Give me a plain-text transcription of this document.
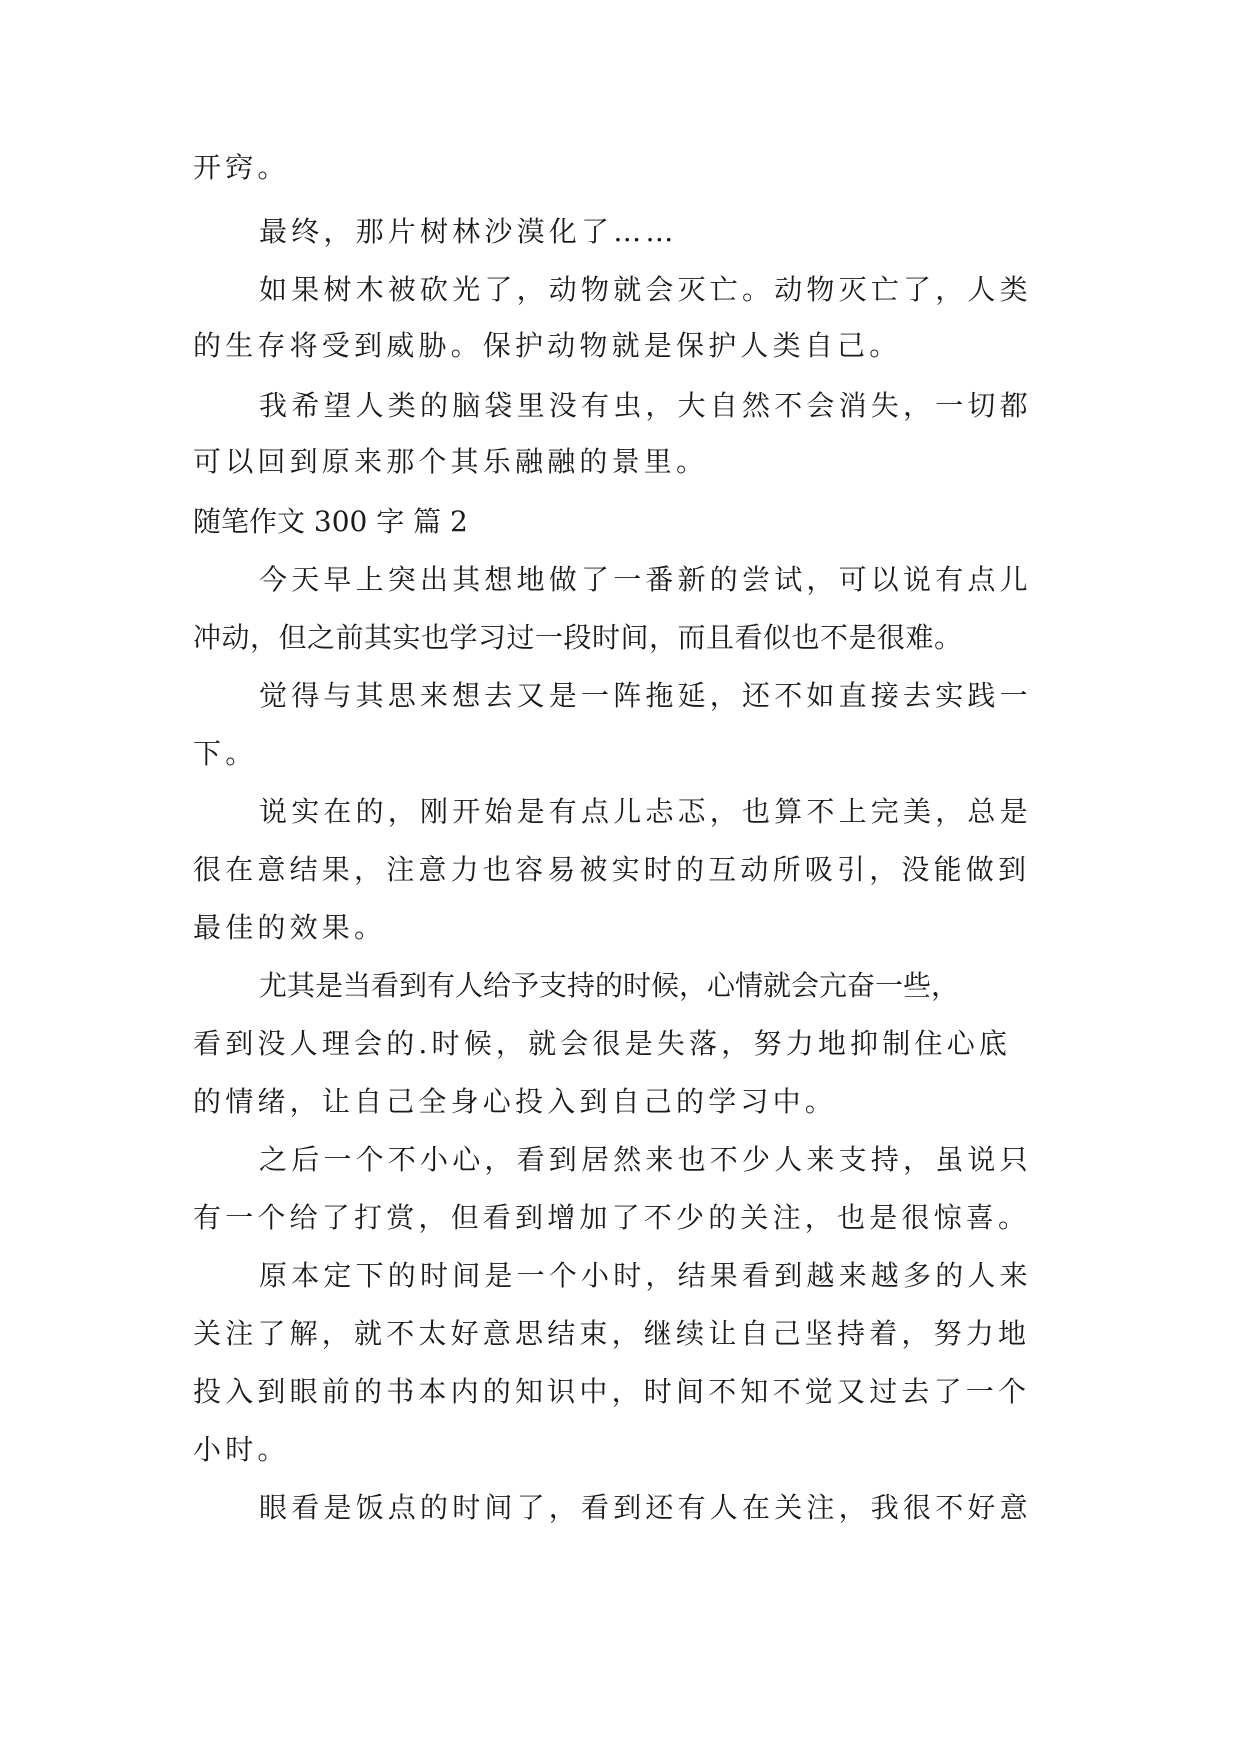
开窍。
最终，那片树林沙漠化了……
如果树木被砍光了，动物就会灭亡。动物灭亡了，人类
的生存将受到威胁。保护动物就是保护人类自己。
我希望人类的脑袋里没有虫，大自然不会消失，一切都
可以回到原来那个其乐融融的景里。
随笔作文 300 字 篇 2
今天早上突出其想地做了一番新的尝试，可以说有点儿
冲动，但之前其实也学习过一段时间，而且看似也不是很难。
觉得与其思来想去又是一阵拖延，还不如直接去实践一
下。
说实在的，刚开始是有点儿忐忑，也算不上完美，总是
很在意结果，注意力也容易被实时的互动所吸引，没能做到
最佳的效果。
尤其是当看到有人给予支持的时候，心情就会亢奋一些，
看到没人理会的.时候，就会很是失落，努力地抑制住心底
的情绪，让自己全身心投入到自己的学习中。
之后一个不小心，看到居然来也不少人来支持，虽说只
有一个给了打赏，但看到增加了不少的关注，也是很惊喜。
原本定下的时间是一个小时，结果看到越来越多的人来
关注了解，就不太好意思结束，继续让自己坚持着，努力地
投入到眼前的书本内的知识中，时间不知不觉又过去了一个
小时。
眼看是饭点的时间了，看到还有人在关注，我很不好意
